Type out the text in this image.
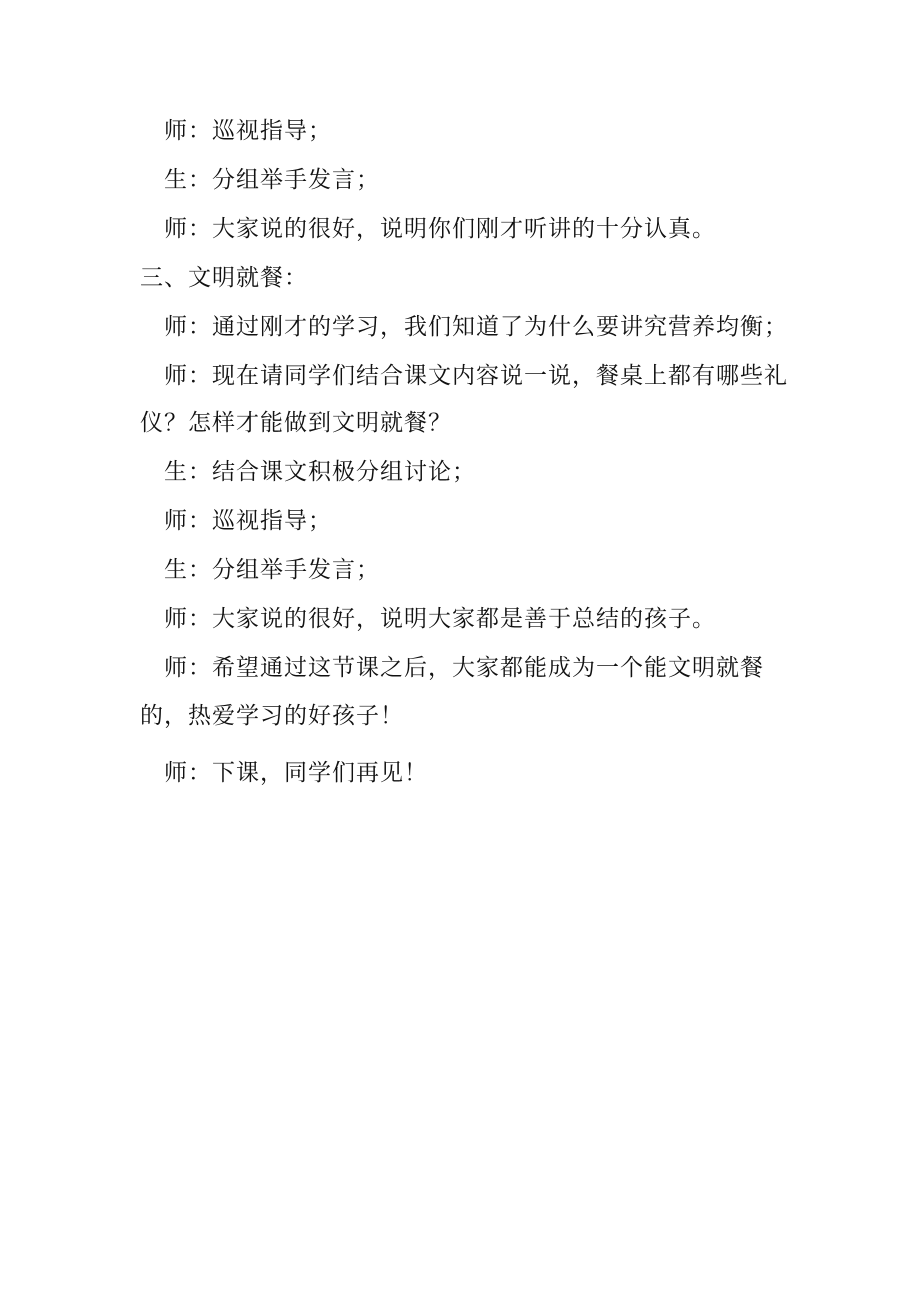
师：巡视指导；
生：分组举手发言；
师：大家说的很好，说明你们刚才听讲的十分认真。
三、文明就餐：
师：通过刚才的学习，我们知道了为什么要讲究营养均衡；
师：现在请同学们结合课文内容说一说，餐桌上都有哪些礼
仪？怎样才能做到文明就餐？
生：结合课文积极分组讨论；
师：巡视指导；
生：分组举手发言；
师：大家说的很好，说明大家都是善于总结的孩子。
师：希望通过这节课之后，大家都能成为一个能文明就餐
的，热爱学习的好孩子！
师：下课，同学们再见！
